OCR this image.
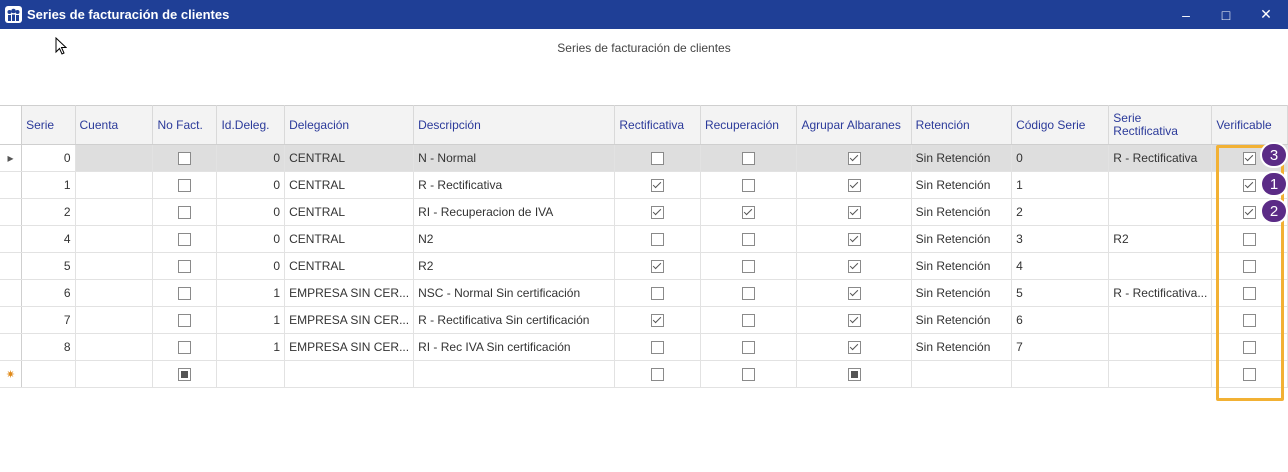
Series de facturación de clientes	–	□	✕
Series de facturación de clientes
	Serie	Cuenta	No Fact.	Id.Deleg.	Delegación	Descripción	Rectificativa	Recuperación	Agrupar Albaranes	Retención	Código Serie	Serie Rectificativa	Verificable
▸	0			0	CENTRAL	N - Normal				Sin Retención	0	R - Rectificativa	
	1			0	CENTRAL	R - Rectificativa				Sin Retención	1		
	2			0	CENTRAL	RI - Recuperacion de IVA				Sin Retención	2		
	4			0	CENTRAL	N2				Sin Retención	3	R2	
	5			0	CENTRAL	R2				Sin Retención	4		
	6			1	EMPRESA SIN CER...	NSC - Normal Sin certificación				Sin Retención	5	R - Rectificativa...	
	7			1	EMPRESA SIN CER...	R - Rectificativa Sin certificación				Sin Retención	6		
	8			1	EMPRESA SIN CER...	RI - Rec IVA Sin certificación				Sin Retención	7		
✷													
3
1
2
